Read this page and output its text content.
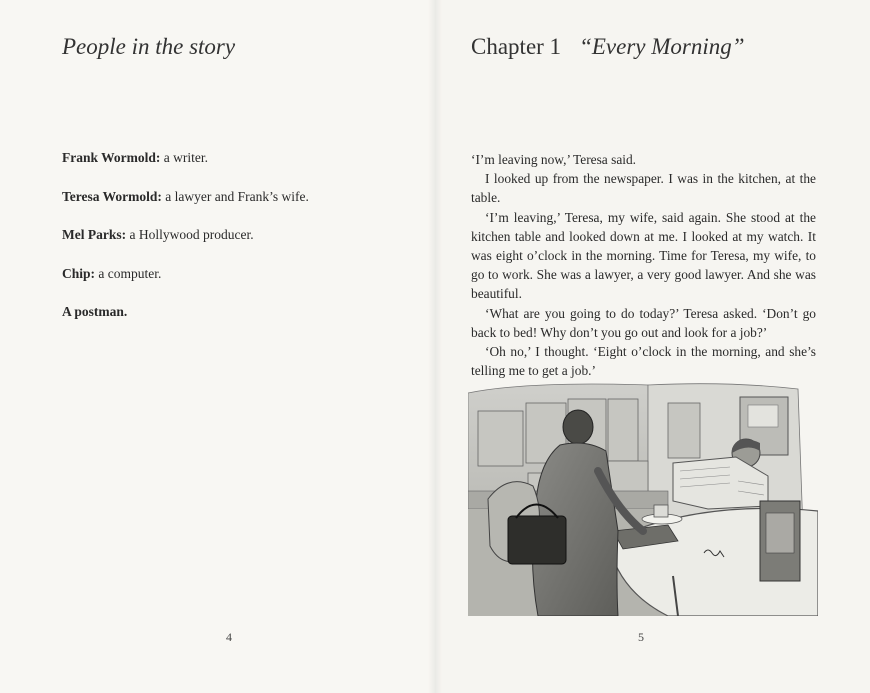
People in the story
Frank Wormold: a writer.
Teresa Wormold: a lawyer and Frank’s wife.
Mel Parks: a Hollywood producer.
Chip: a computer.
A postman.
4
Chapter 1 “Every Morning”

‘I’m leaving now,’ Teresa said.

I looked up from the newspaper. I was in the kitchen, at the table.

‘I’m leaving,’ Teresa, my wife, said again. She stood at the kitchen table and looked down at me. I looked at my watch. It was eight o’clock in the morning. Time for Teresa, my wife, to go to work. She was a lawyer, a very good lawyer. And she was beautiful.

‘What are you going to do today?’ Teresa asked. ‘Don’t go back to bed! Why don’t you go out and look for a job?’

‘Oh no,’ I thought. ‘Eight o’clock in the morning, and she’s telling me to get a job.’

5
